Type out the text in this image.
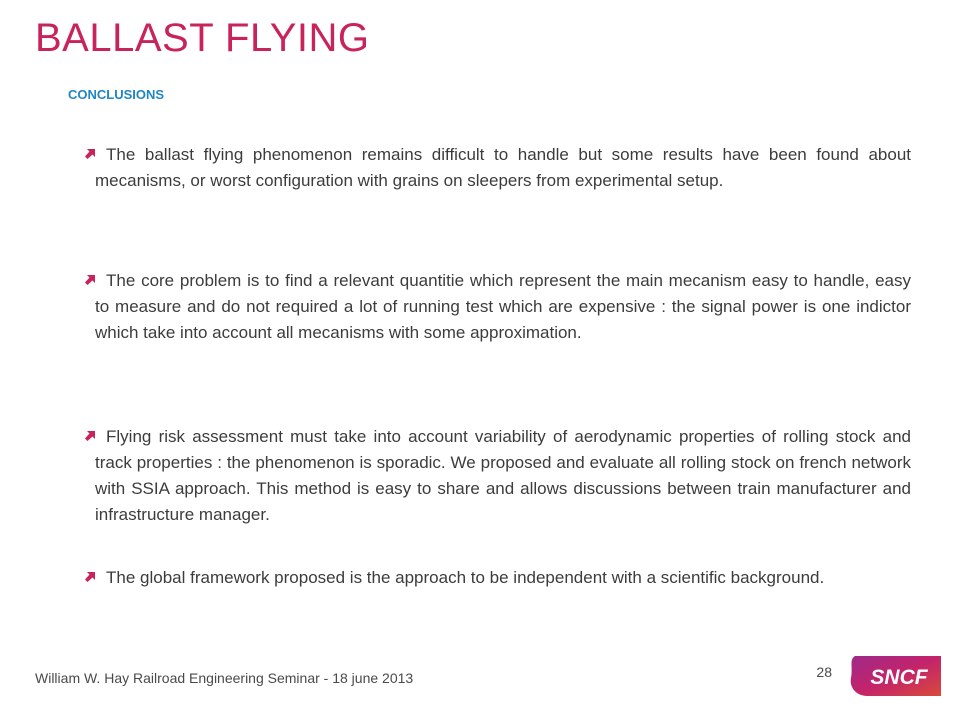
BALLAST FLYING
CONCLUSIONS

The ballast flying phenomenon remains difficult to handle but some results have been found about mecanisms, or worst configuration with grains on sleepers from experimental setup.

The core problem is to find a relevant quantitie which represent the main mecanism easy to handle, easy to measure and do not required a lot of running test which are expensive : the signal power is one indictor which take into account all mecanisms with some approximation.

Flying risk assessment must take into account variability of aerodynamic properties of rolling stock and track properties : the phenomenon is sporadic. We proposed and evaluate all rolling stock on french network with SSIA approach. This method is easy to share and allows discussions between train manufacturer and infrastructure manager.

The global framework proposed is the approach to be independent with a scientific background.

William W. Hay Railroad Engineering Seminar - 18 june 2013	28 SNCF
